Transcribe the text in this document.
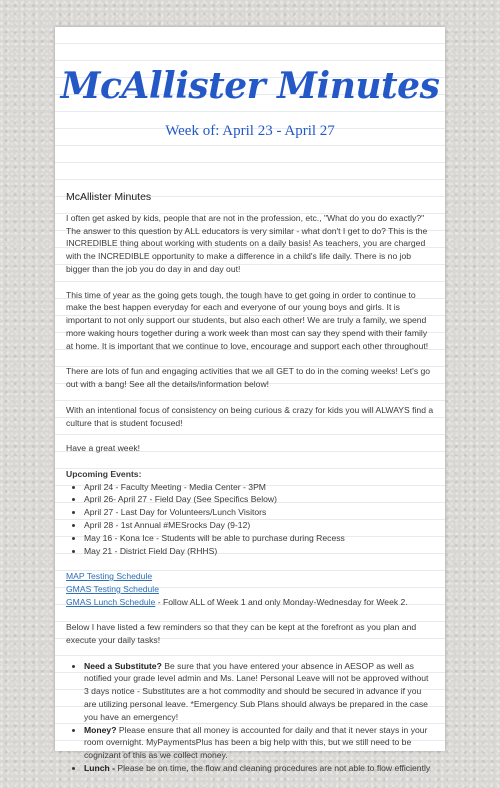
McAllister Minutes
Week of: April 23 - April 27
McAllister Minutes

I often get asked by kids, people that are not in the profession, etc., "What do you do exactly?" The answer to this question by ALL educators is very similar - what don't I get to do? This is the INCREDIBLE thing about working with students on a daily basis! As teachers, you are charged with the INCREDIBLE opportunity to make a difference in a child's life daily. There is no job bigger than the job you do day in and day out!

This time of year as the going gets tough, the tough have to get going in order to continue to make the best happen everyday for each and everyone of our young boys and girls. It is important to not only support our students, but also each other! We are truly a family, we spend more waking hours together during a work week than most can say they spend with their family at home. It is important that we continue to love, encourage and support each other throughout!

There are lots of fun and engaging activities that we all GET to do in the coming weeks! Let's go out with a bang! See all the details/information below!

With an intentional focus of consistency on being curious & crazy for kids you will ALWAYS find a culture that is student focused!

Have a great week!

Upcoming Events:
• April 24 - Faculty Meeting - Media Center - 3PM
• April 26- April 27 - Field Day (See Specifics Below)
• April 27 - Last Day for Volunteers/Lunch Visitors
• April 28 - 1st Annual #MESrocks Day (9-12)
• May 16 - Kona Ice - Students will be able to purchase during Recess
• May 21 - District Field Day (RHHS)
MAP Testing Schedule
GMAS Testing Schedule
GMAS Lunch Schedule - Follow ALL of Week 1 and only Monday-Wednesday for Week 2.

Below I have listed a few reminders so that they can be kept at the forefront as you plan and execute your daily tasks!

• Need a Substitute? Be sure that you have entered your absence in AESOP as well as notified your grade level admin and Ms. Lane! Personal Leave will not be approved without 3 days notice - Substitutes are a hot commodity and should be secured in advance if you are utilizing personal leave. *Emergency Sub Plans should always be prepared in the case you have an emergency!
• Money? Please ensure that all money is accounted for daily and that it never stays in your room overnight. MyPaymentsPlus has been a big help with this, but we still need to be cognizant of this as we collect money.
• Lunch - Please be on time, the flow and cleaning procedures are not able to flow efficiently
